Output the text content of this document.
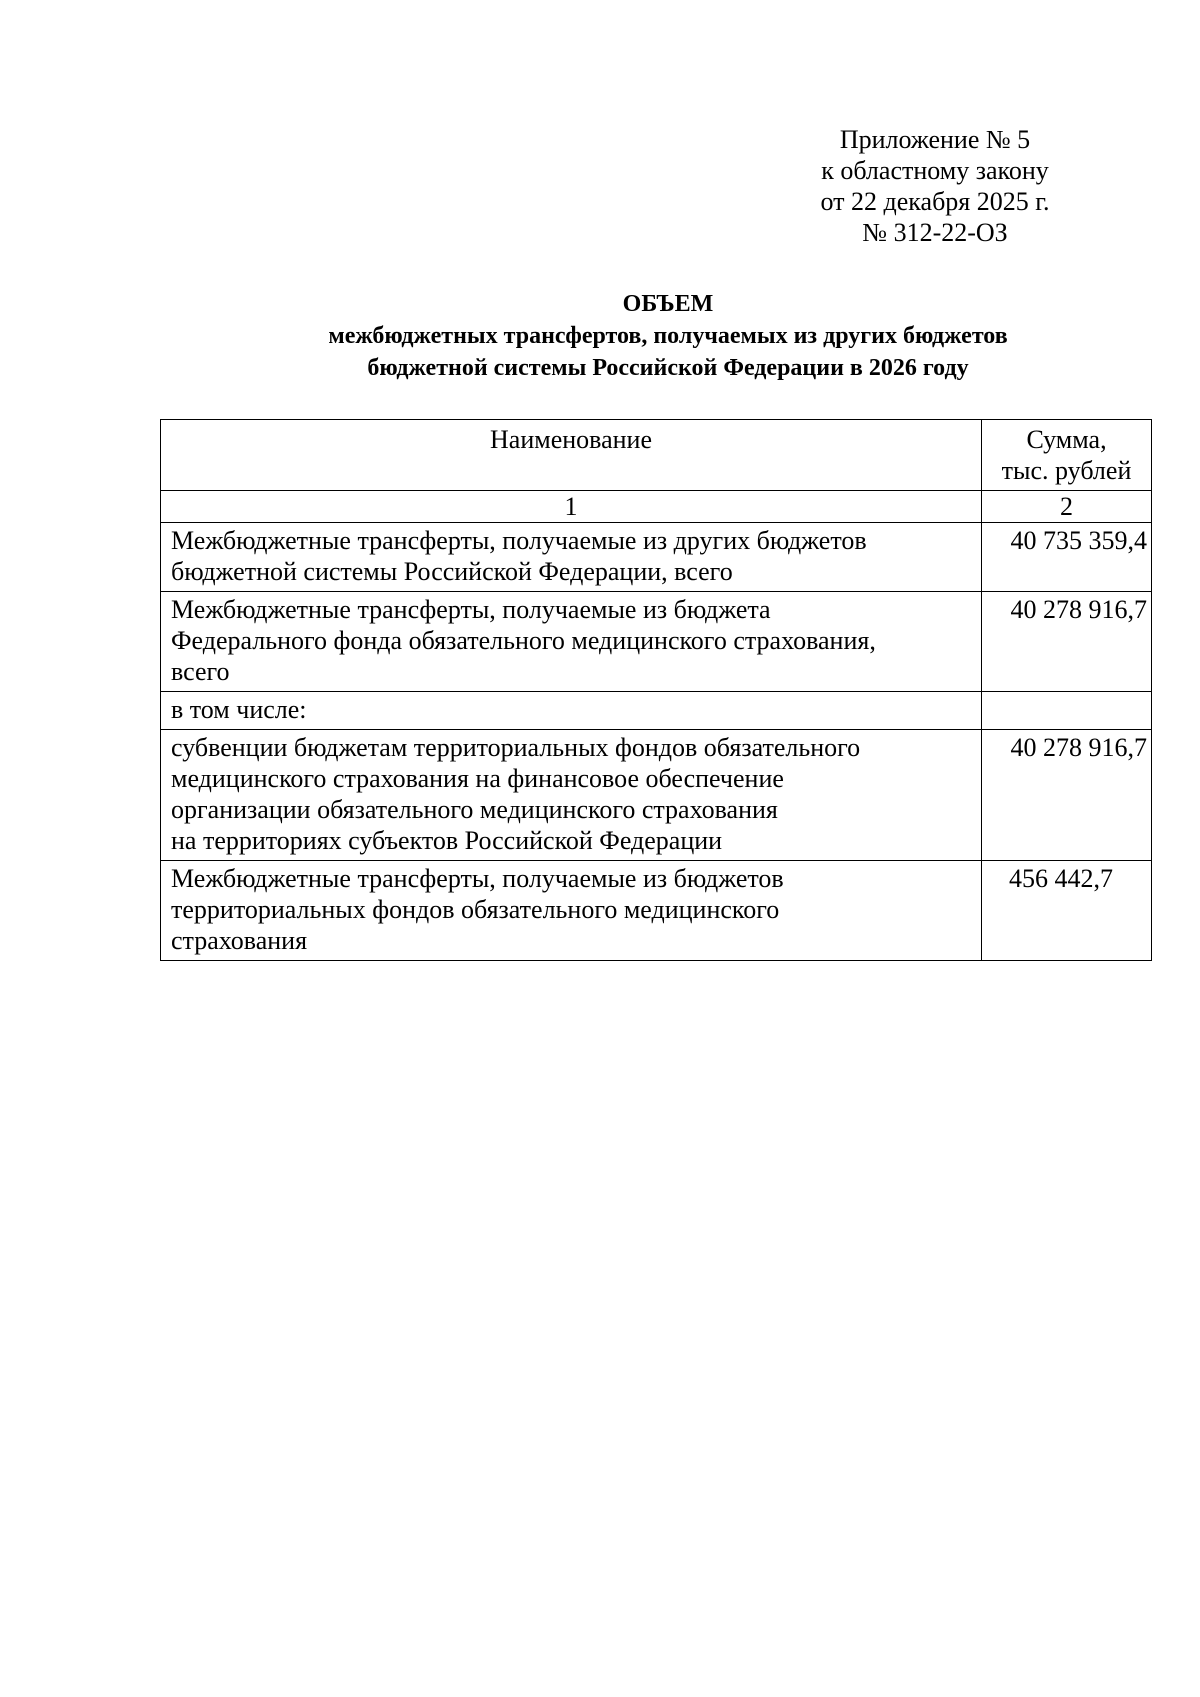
Приложение № 5
к областному закону
от 22 декабря 2025 г.
№ 312-22-ОЗ
ОБЪЕМ
межбюджетных трансфертов, получаемых из других бюджетов
бюджетной системы Российской Федерации в 2026 году
Наименование	Сумма,
тыс. рублей

1	2

Межбюджетные трансферты, получаемые из других бюджетов
бюджетной системы Российской Федерации, всего	40 735 359,4

Межбюджетные трансферты, получаемые из бюджета
Федерального фонда обязательного медицинского страхования,
всего	40 278 916,7

в том числе:	

субвенции бюджетам территориальных фондов обязательного
медицинского страхования на финансовое обеспечение
организации обязательного медицинского страхования
на территориях субъектов Российской Федерации	40 278 916,7

Межбюджетные трансферты, получаемые из бюджетов
территориальных фондов обязательного медицинского
страхования	456 442,7
